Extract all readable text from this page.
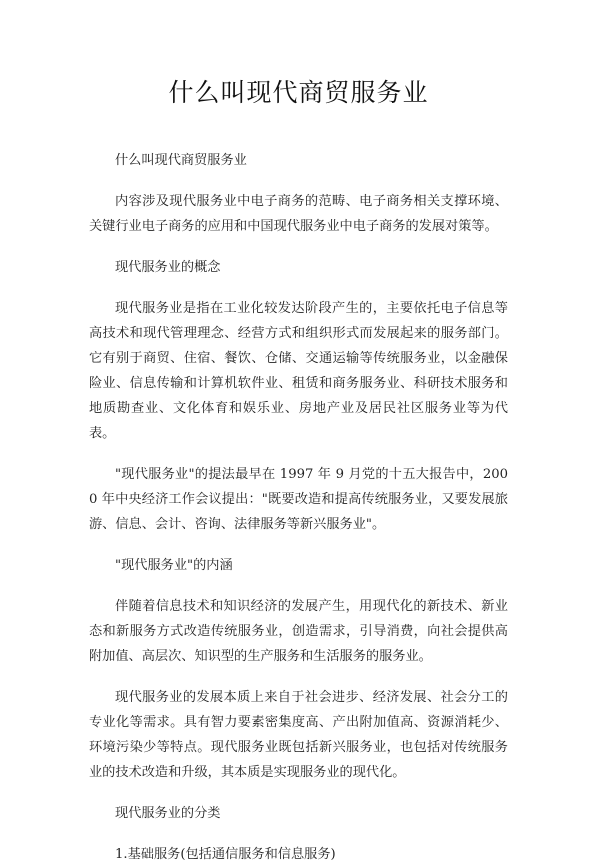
什么叫现代商贸服务业

什么叫现代商贸服务业

内容涉及现代服务业中电子商务的范畴、电子商务相关支撑环境、关键行业电子商务的应用和中国现代服务业中电子商务的发展对策等。

现代服务业的概念

现代服务业是指在工业化较发达阶段产生的，主要依托电子信息等高技术和现代管理理念、经营方式和组织形式而发展起来的服务部门。它有别于商贸、住宿、餐饮、仓储、交通运输等传统服务业，以金融保险业、信息传输和计算机软件业、租赁和商务服务业、科研技术服务和地质勘查业、文化体育和娱乐业、房地产业及居民社区服务业等为代表。

"现代服务业"的提法最早在 1997 年 9 月党的十五大报告中，2000 年中央经济工作会议提出："既要改造和提高传统服务业，又要发展旅游、信息、会计、咨询、法律服务等新兴服务业"。

"现代服务业"的内涵

伴随着信息技术和知识经济的发展产生，用现代化的新技术、新业态和新服务方式改造传统服务业，创造需求，引导消费，向社会提供高附加值、高层次、知识型的生产服务和生活服务的服务业。

现代服务业的发展本质上来自于社会进步、经济发展、社会分工的专业化等需求。具有智力要素密集度高、产出附加值高、资源消耗少、环境污染少等特点。现代服务业既包括新兴服务业，也包括对传统服务业的技术改造和升级，其本质是实现服务业的现代化。

现代服务业的分类

1.基础服务(包括通信服务和信息服务)
